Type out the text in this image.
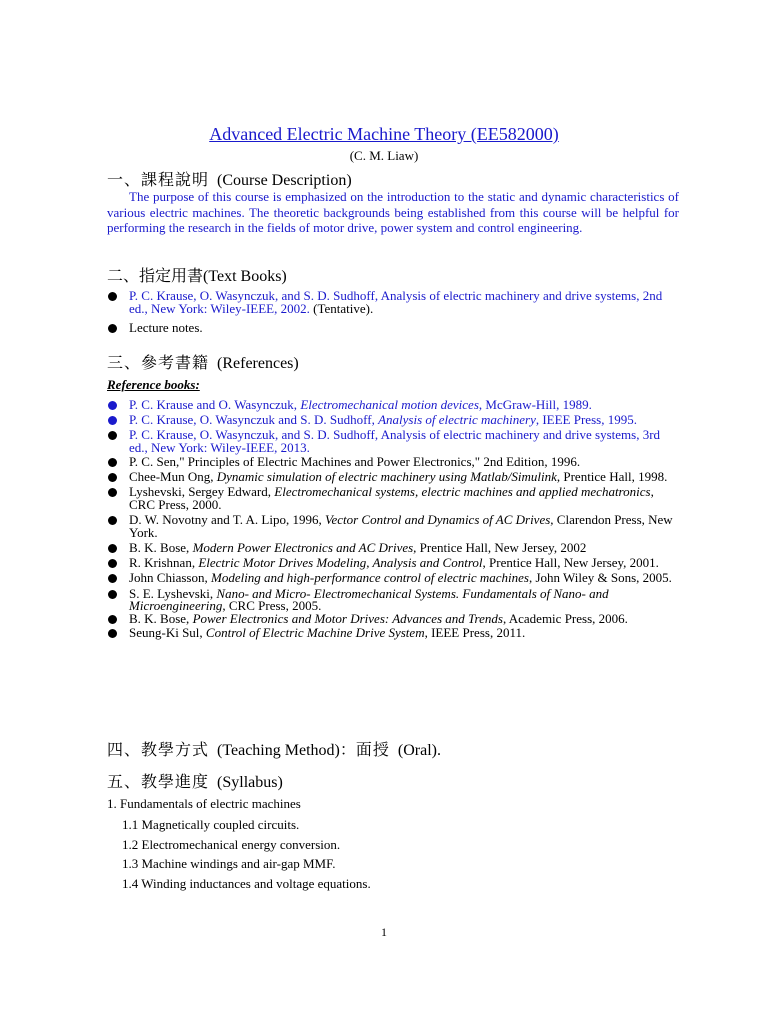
Advanced Electric Machine Theory (EE582000)
(C. M. Liaw)
一、課程說明 (Course Description)
The purpose of this course is emphasized on the introduction to the static and dynamic characteristics of various electric machines. The theoretic backgrounds being established from this course will be helpful for performing the research in the fields of motor drive, power system and control engineering.
二、指定用書(Text Books)
P. C. Krause, O. Wasynczuk, and S. D. Sudhoff, Analysis of electric machinery and drive systems, 2nd ed., New York: Wiley-IEEE, 2002. (Tentative).
Lecture notes.
三、參考書籍 (References)
Reference books:
P. C. Krause and O. Wasynczuk, Electromechanical motion devices, McGraw-Hill, 1989.
P. C. Krause, O. Wasynczuk and S. D. Sudhoff, Analysis of electric machinery, IEEE Press, 1995.
P. C. Krause, O. Wasynczuk, and S. D. Sudhoff, Analysis of electric machinery and drive systems, 3rd ed., New York: Wiley-IEEE, 2013.
P. C. Sen," Principles of Electric Machines and Power Electronics," 2nd Edition, 1996.
Chee-Mun Ong, Dynamic simulation of electric machinery using Matlab/Simulink, Prentice Hall, 1998.
Lyshevski, Sergey Edward, Electromechanical systems, electric machines and applied mechatronics, CRC Press, 2000.
D. W. Novotny and T. A. Lipo, 1996, Vector Control and Dynamics of AC Drives, Clarendon Press, New York.
B. K. Bose, Modern Power Electronics and AC Drives, Prentice Hall, New Jersey, 2002
R. Krishnan, Electric Motor Drives Modeling, Analysis and Control, Prentice Hall, New Jersey, 2001.
John Chiasson, Modeling and high-performance control of electric machines, John Wiley & Sons, 2005.
S. E. Lyshevski, Nano- and Micro- Electromechanical Systems. Fundamentals of Nano- and Microengineering, CRC Press, 2005.
B. K. Bose, Power Electronics and Motor Drives: Advances and Trends, Academic Press, 2006.
Seung-Ki Sul, Control of Electric Machine Drive System, IEEE Press, 2011.
四、教學方式 (Teaching Method)：面授 (Oral).
五、教學進度 (Syllabus)
1. Fundamentals of electric machines
1.1 Magnetically coupled circuits.
1.2 Electromechanical energy conversion.
1.3 Machine windings and air-gap MMF.
1.4 Winding inductances and voltage equations.
1
